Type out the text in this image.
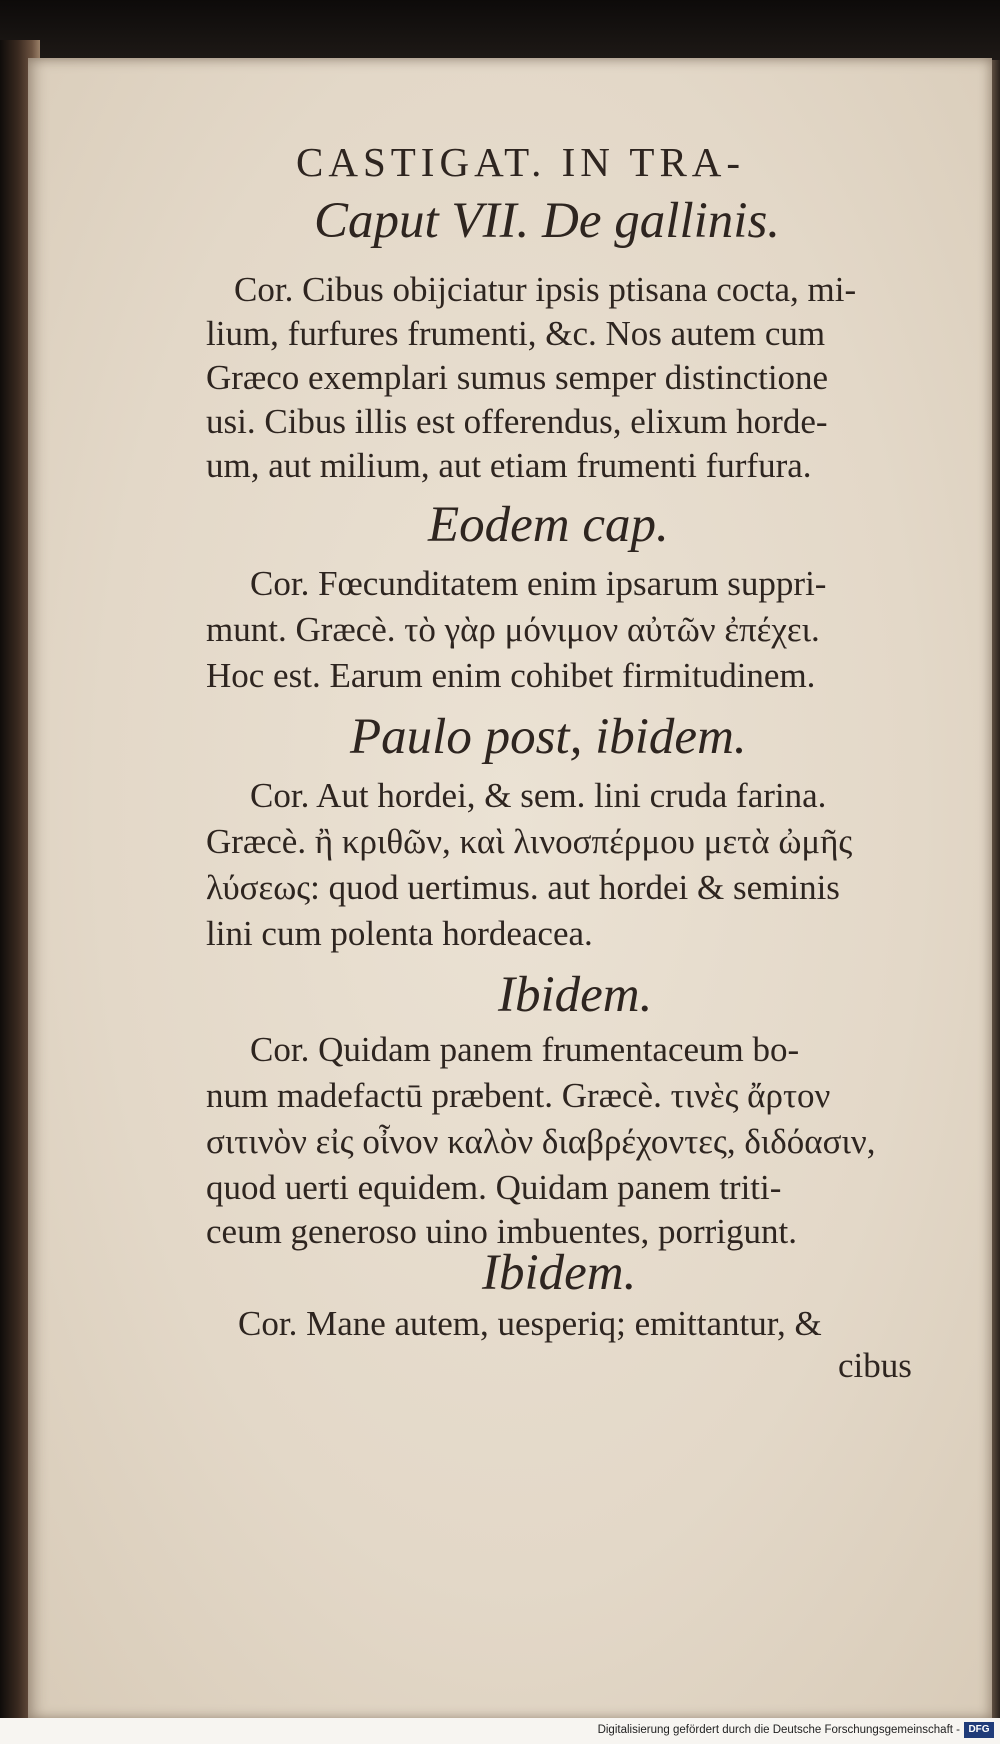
CASTIGAT. IN TRA-
Caput VII. De gallinis.
Cor. Cibus obijciatur ipsis ptisana cocta, mi-
lium, furfures frumenti, &c. Nos autem cum
Græco exemplari sumus semper distinctione
usi. Cibus illis est offerendus, elixum horde-
um, aut milium, aut etiam frumenti furfura.
Eodem cap.
Cor. Fœcunditatem enim ipsarum suppri-
munt. Græcè. τὸ γὰρ μόνιμον αὐτῶν ἐπέχει.
Hoc est. Earum enim cohibet firmitudinem.
Paulo post, ibidem.
Cor. Aut hordei, & sem. lini cruda farina.
Græcè. ἢ κριθῶν, καὶ λινοσπέρμου μετὰ ὠμῆς
λύσεως: quod uertimus. aut hordei & seminis
lini cum polenta hordeacea.
Ibidem.
Cor. Quidam panem frumentaceum bo-
num madefactū præbent. Græcè. τινὲς ἄρτον
σιτινὸν εἰς οἶνον καλὸν διαβρέχοντες, διδόασιν,
quod uerti equidem. Quidam panem triti-
ceum generoso uino imbuentes, porrigunt.
Ibidem.
Cor. Mane autem, uesperiq; emittantur, &
cibus
Digitalisierung gefördert durch die Deutsche Forschungsgemeinschaft - DFG
